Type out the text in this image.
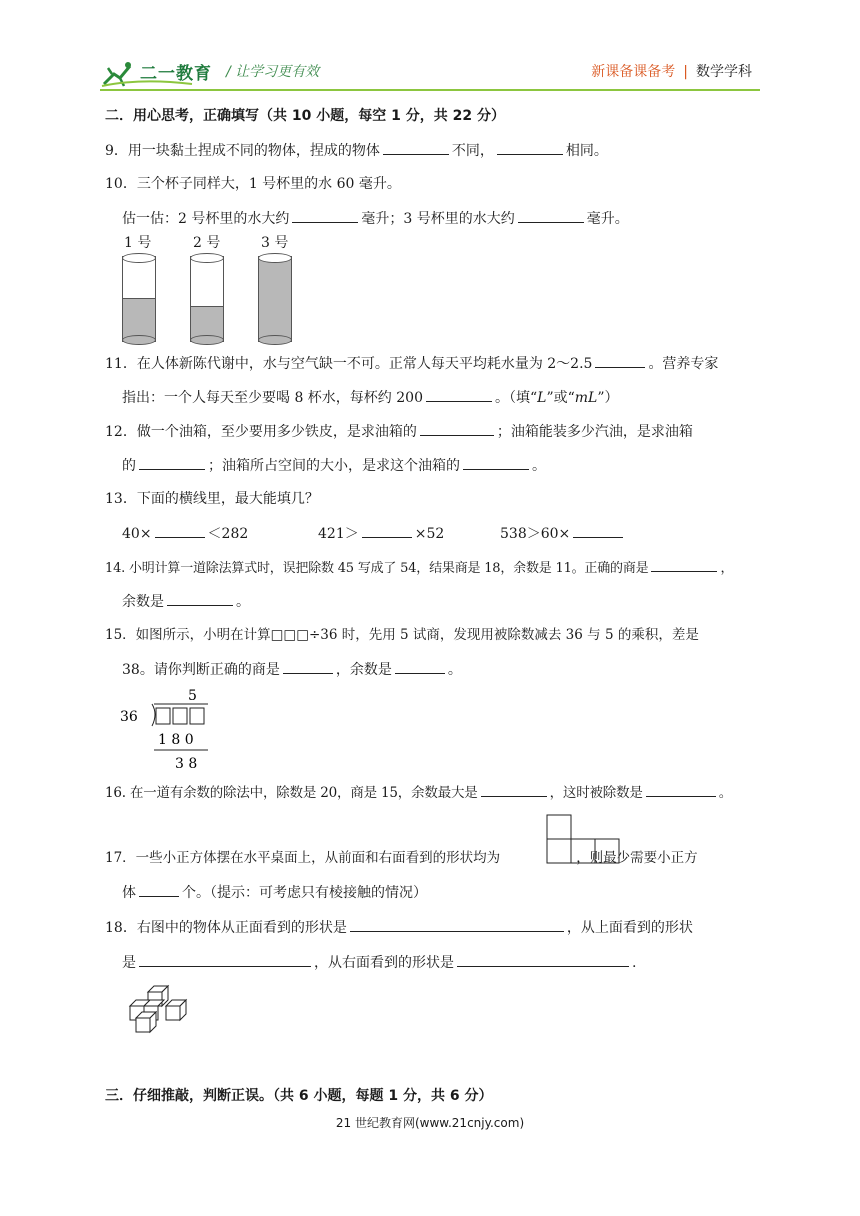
二一教育 / 让学习更有效	新课备课备考 | 数学学科
二．用心思考，正确填写（共 10 小题，每空 1 分，共 22 分）
9．用一块黏土捏成不同的物体，捏成的物体	不同，	相同。
10．三个杯子同样大，1 号杯里的水 60 毫升。
估一估：2 号杯里的水大约	毫升；3 号杯里的水大约	毫升。
1 号	2 号	3 号
11．在人体新陈代谢中，水与空气缺一不可。正常人每天平均耗水量为 2～2.5	。营养专家
指出：一个人每天至少要喝 8 杯水，每杯约 200	。（填“L”或“mL”）
12．做一个油箱，至少要用多少铁皮，是求油箱的	；油箱能装多少汽油，是求油箱
的	；油箱所占空间的大小，是求这个油箱的	。
13．下面的横线里，最大能填几？
40×	＜282	421＞	×52	538＞60×
14. 小明计算一道除法算式时，误把除数 45 写成了 54，结果商是 18，余数是 11。正确的商是	，
余数是	。
15．如图所示，小明在计算□□□÷36 时，先用 5 试商，发现用被除数减去 36 与 5 的乘积，差是
38。请你判断正确的商是	，余数是	。
5
36
1 8 0
3 8
16. 在一道有余数的除法中，除数是 20，商是 15，余数最大是	，这时被除数是	。
17．一些小正方体摆在水平桌面上，从前面和右面看到的形状均为	，则最少需要小正方
体	个。（提示：可考虑只有棱接触的情况）
18．右图中的物体从正面看到的形状是	，从上面看到的形状
是	，从右面看到的形状是	.
三．仔细推敲，判断正误。（共 6 小题，每题 1 分，共 6 分）
21 世纪教育网(www.21cnjy.com)
